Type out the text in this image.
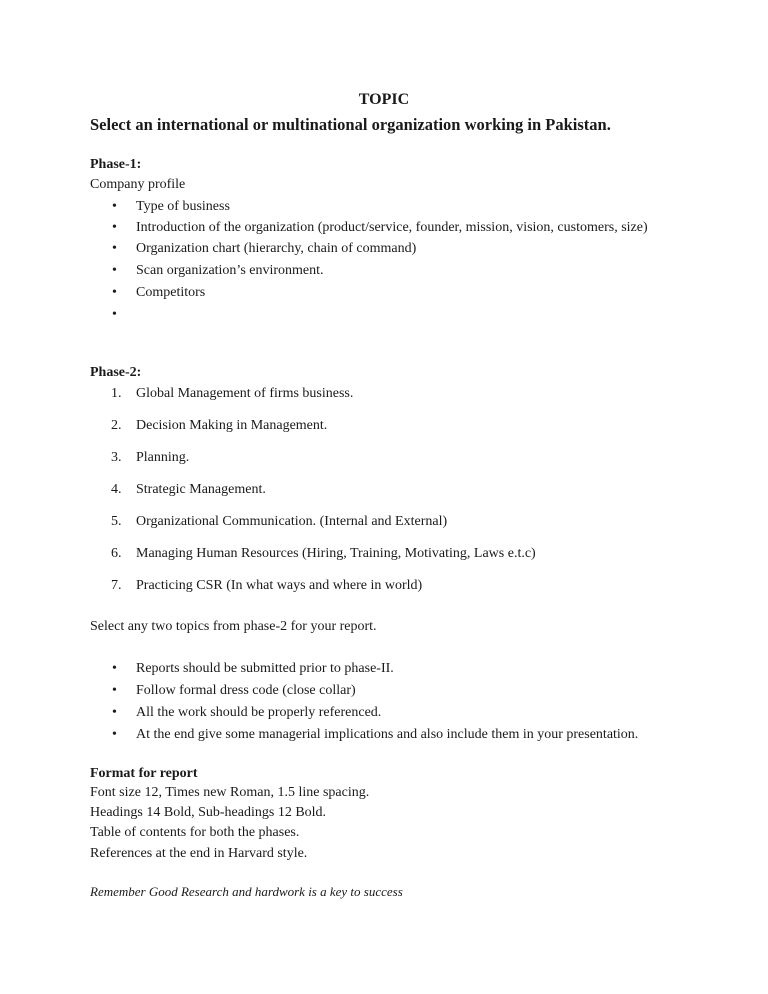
TOPIC
Select an international or multinational organization working in Pakistan.
Phase-1:
Company profile
•	Type of business
•	Introduction of the organization (product/service, founder, mission, vision, customers, size)
•	Organization chart (hierarchy, chain of command)
•	Scan organization’s environment.
•	Competitors
•

Phase-2:
1.	Global Management of firms business.
2.	Decision Making in Management.
3.	Planning.
4.	Strategic Management.
5.	Organizational Communication. (Internal and External)
6.	Managing Human Resources (Hiring, Training, Motivating, Laws e.t.c)
7.	Practicing CSR (In what ways and where in world)
Select any two topics from phase-2 for your report.
•	Reports should be submitted prior to phase-II.
•	Follow formal dress code (close collar)
•	All the work should be properly referenced.
•	At the end give some managerial implications and also include them in your presentation.
Format for report
Font size 12, Times new Roman, 1.5 line spacing.
Headings 14 Bold, Sub-headings 12 Bold.
Table of contents for both the phases.
References at the end in Harvard style.
Remember Good Research and hardwork is a key to success
